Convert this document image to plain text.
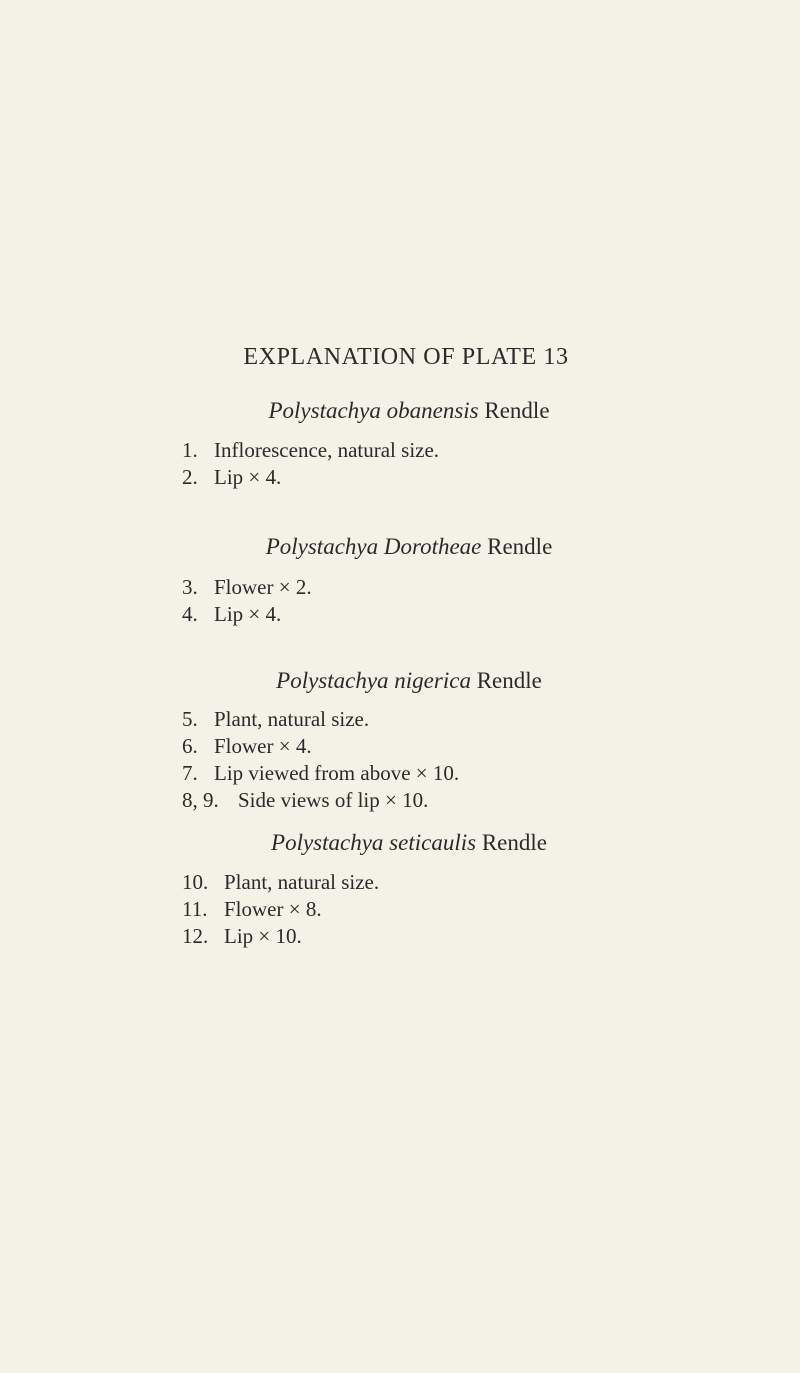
EXPLANATION OF PLATE 13
Polystachya obanensis Rendle
1. Inflorescence, natural size.
2. Lip × 4.
Polystachya Dorotheae Rendle
3. Flower × 2.
4. Lip × 4.
Polystachya nigerica Rendle
5. Plant, natural size.
6. Flower × 4.
7. Lip viewed from above × 10.
8, 9. Side views of lip × 10.
Polystachya seticaulis Rendle
10. Plant, natural size.
11. Flower × 8.
12. Lip × 10.
